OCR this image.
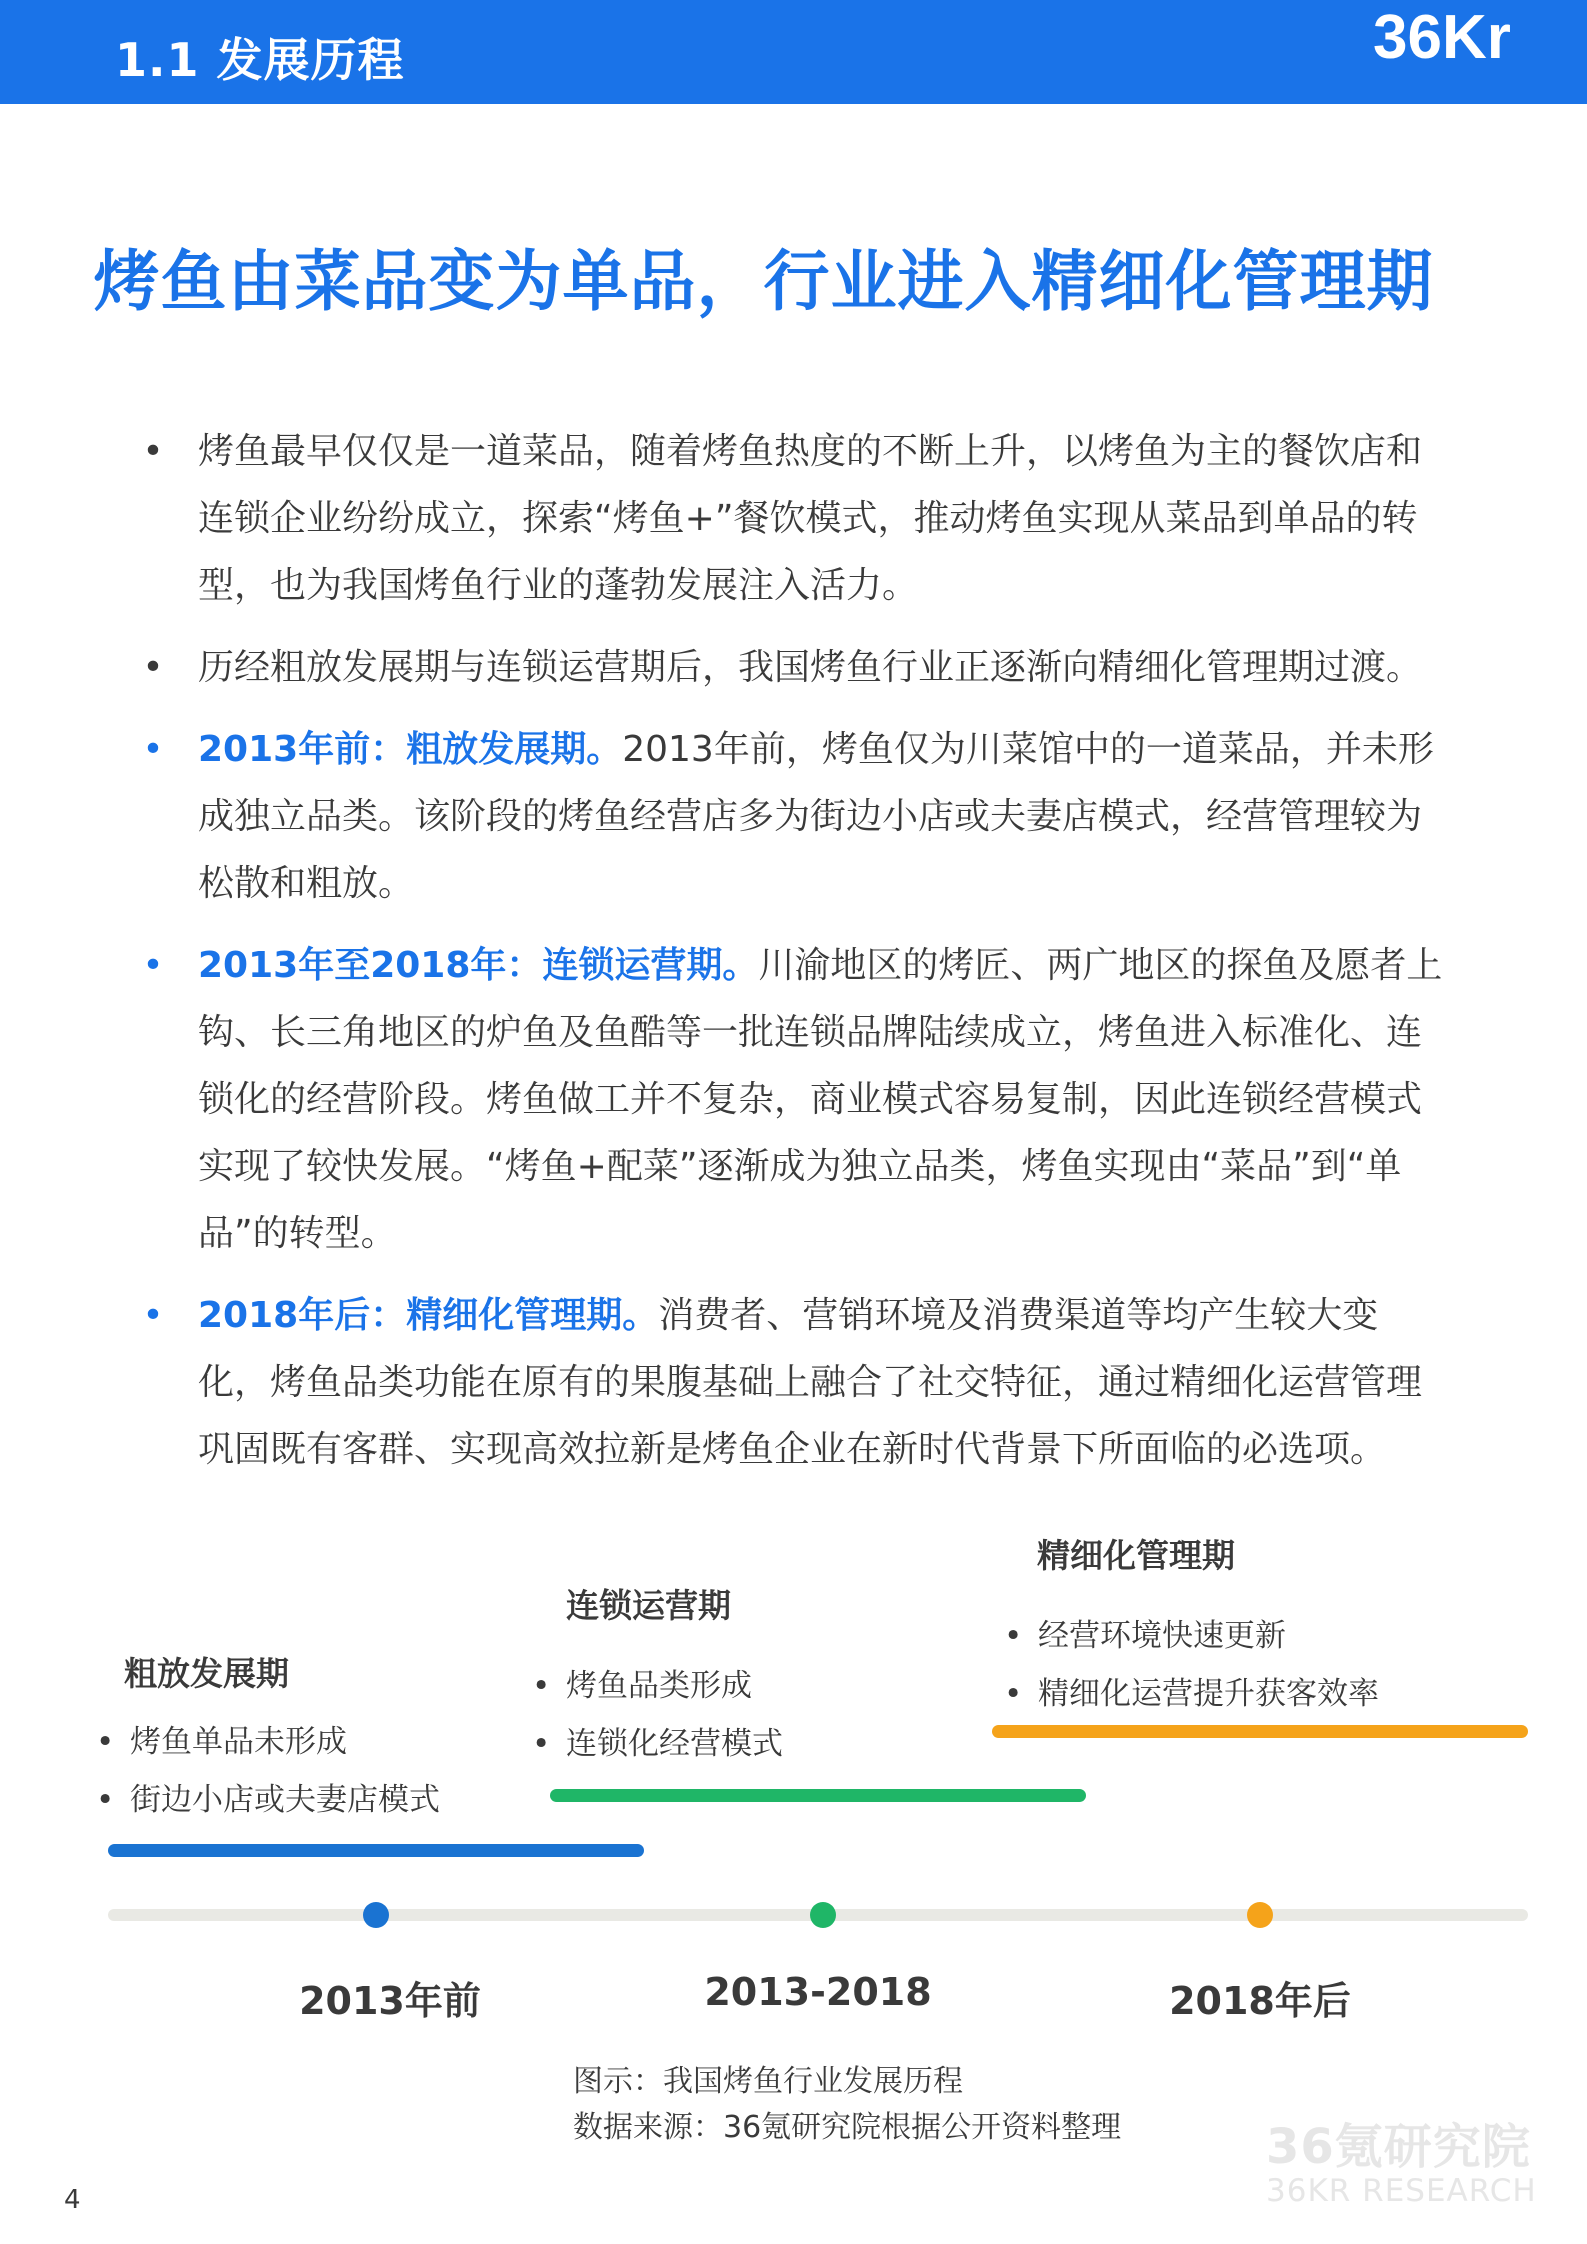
1.1 发展历程	36Kr
烤鱼由菜品变为单品，行业进入精细化管理期
• 烤鱼最早仅仅是一道菜品，随着烤鱼热度的不断上升，以烤鱼为主的餐饮店和连锁企业纷纷成立，探索“烤鱼+”餐饮模式，推动烤鱼实现从菜品到单品的转型，也为我国烤鱼行业的蓬勃发展注入活力。
• 历经粗放发展期与连锁运营期后，我国烤鱼行业正逐渐向精细化管理期过渡。
• 2013年前：粗放发展期。2013年前，烤鱼仅为川菜馆中的一道菜品，并未形成独立品类。该阶段的烤鱼经营店多为街边小店或夫妻店模式，经营管理较为松散和粗放。
• 2013年至2018年：连锁运营期。川渝地区的烤匠、两广地区的探鱼及愿者上钩、长三角地区的炉鱼及鱼酷等一批连锁品牌陆续成立，烤鱼进入标准化、连锁化的经营阶段。烤鱼做工并不复杂，商业模式容易复制，因此连锁经营模式实现了较快发展。“烤鱼+配菜”逐渐成为独立品类，烤鱼实现由“菜品”到“单品”的转型。
• 2018年后：精细化管理期。消费者、营销环境及消费渠道等均产生较大变化，烤鱼品类功能在原有的果腹基础上融合了社交特征，通过精细化运营管理巩固既有客群、实现高效拉新是烤鱼企业在新时代背景下所面临的必选项。
粗放发展期
• 烤鱼单品未形成
• 街边小店或夫妻店模式
连锁运营期
• 烤鱼品类形成
• 连锁化经营模式
精细化管理期
• 经营环境快速更新
• 精细化运营提升获客效率
2013年前	2013-2018	2018年后
图示：我国烤鱼行业发展历程
数据来源：36氪研究院根据公开资料整理	36氪研究院
36KR RESEARCH
4
